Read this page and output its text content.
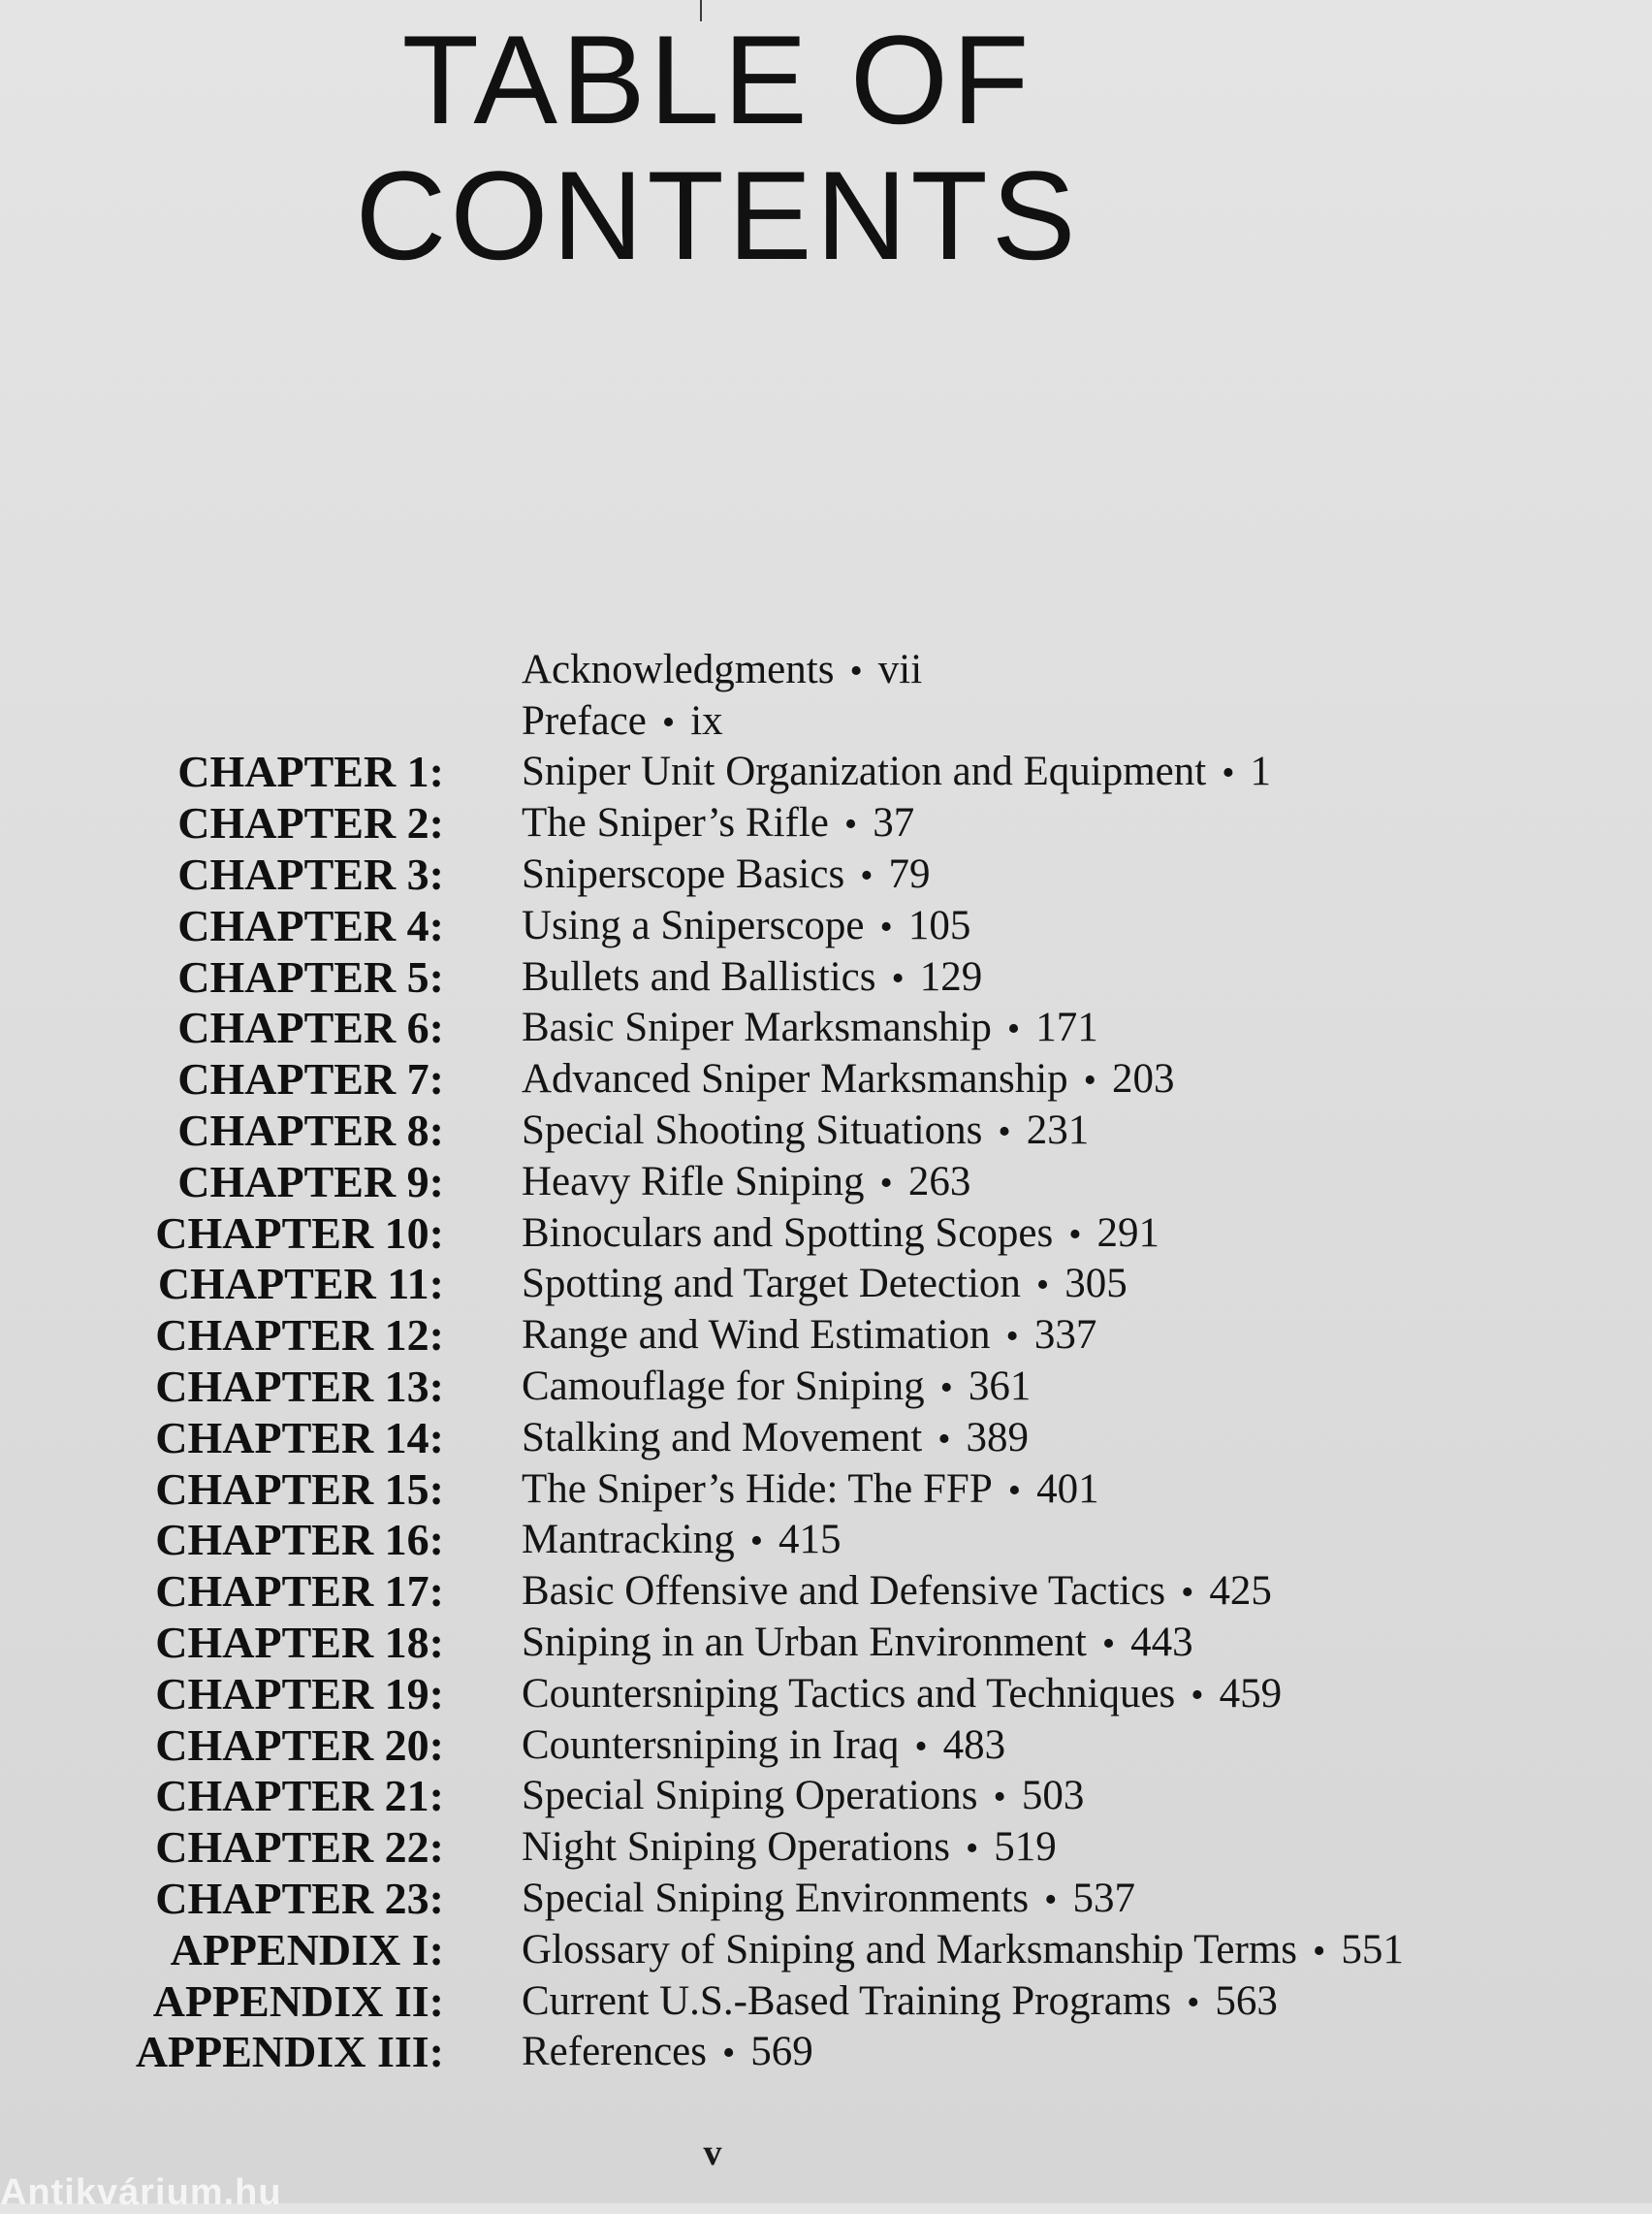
TABLE OF
CONTENTS
Acknowledgments • vii
Preface • ix
CHAPTER 1: Sniper Unit Organization and Equipment • 1
CHAPTER 2: The Sniper’s Rifle • 37
CHAPTER 3: Sniperscope Basics • 79
CHAPTER 4: Using a Sniperscope • 105
CHAPTER 5: Bullets and Ballistics • 129
CHAPTER 6: Basic Sniper Marksmanship • 171
CHAPTER 7: Advanced Sniper Marksmanship • 203
CHAPTER 8: Special Shooting Situations • 231
CHAPTER 9: Heavy Rifle Sniping • 263
CHAPTER 10: Binoculars and Spotting Scopes • 291
CHAPTER 11: Spotting and Target Detection • 305
CHAPTER 12: Range and Wind Estimation • 337
CHAPTER 13: Camouflage for Sniping • 361
CHAPTER 14: Stalking and Movement • 389
CHAPTER 15: The Sniper’s Hide: The FFP • 401
CHAPTER 16: Mantracking • 415
CHAPTER 17: Basic Offensive and Defensive Tactics • 425
CHAPTER 18: Sniping in an Urban Environment • 443
CHAPTER 19: Countersniping Tactics and Techniques • 459
CHAPTER 20: Countersniping in Iraq • 483
CHAPTER 21: Special Sniping Operations • 503
CHAPTER 22: Night Sniping Operations • 519
CHAPTER 23: Special Sniping Environments • 537
APPENDIX I: Glossary of Sniping and Marksmanship Terms • 551
APPENDIX II: Current U.S.-Based Training Programs • 563
APPENDIX III: References • 569
v
Antikvárium.hu
